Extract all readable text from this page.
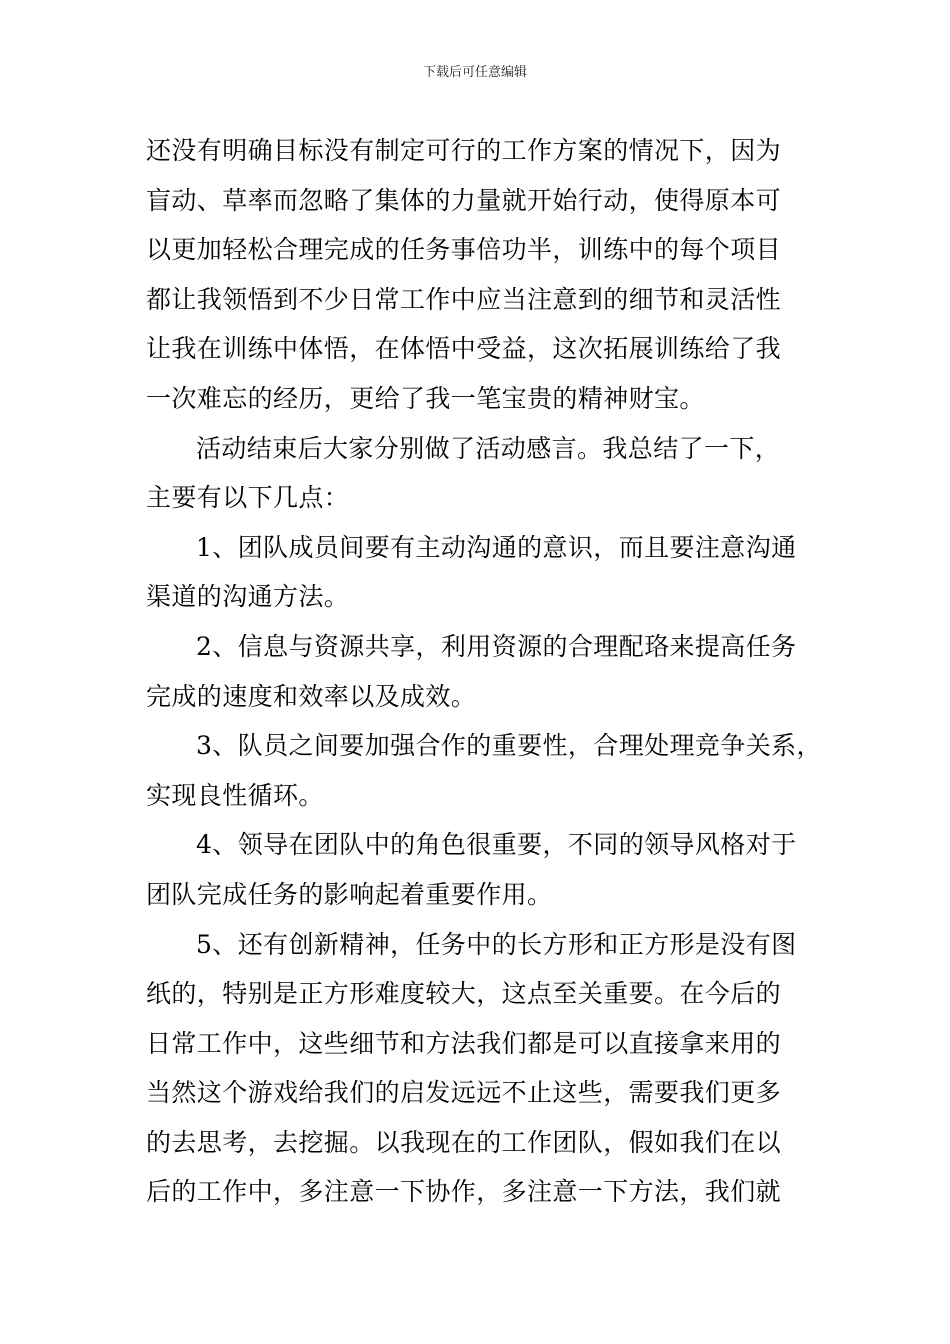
下载后可任意编辑
还没有明确目标没有制定可行的工作方案的情况下，因为
盲动、草率而忽略了集体的力量就开始行动，使得原本可
以更加轻松合理完成的任务事倍功半，训练中的每个项目
都让我领悟到不少日常工作中应当注意到的细节和灵活性
让我在训练中体悟，在体悟中受益，这次拓展训练给了我
一次难忘的经历，更给了我一笔宝贵的精神财宝。
活动结束后大家分别做了活动感言。我总结了一下，
主要有以下几点：
1、团队成员间要有主动沟通的意识，而且要注意沟通
渠道的沟通方法。
2、信息与资源共享，利用资源的合理配珞来提高任务
完成的速度和效率以及成效。
3、队员之间要加强合作的重要性，合理处理竞争关系，
实现良性循环。
4、领导在团队中的角色很重要，不同的领导风格对于
团队完成任务的影响起着重要作用。
5、还有创新精神，任务中的长方形和正方形是没有图
纸的，特别是正方形难度较大，这点至关重要。在今后的
日常工作中，这些细节和方法我们都是可以直接拿来用的
当然这个游戏给我们的启发远远不止这些，需要我们更多
的去思考，去挖掘。以我现在的工作团队，假如我们在以
后的工作中，多注意一下协作，多注意一下方法，我们就
